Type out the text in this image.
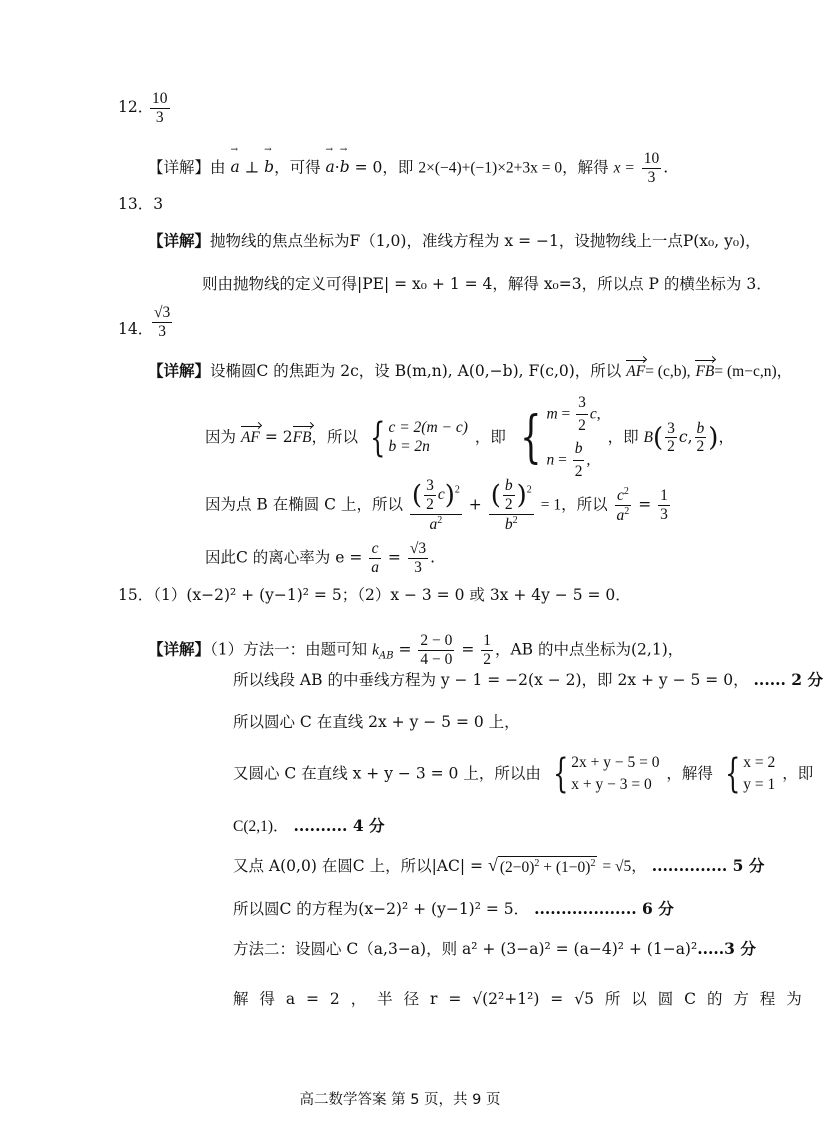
12．
$\frac{10}{3}$
【详解】由 → a ⊥ → b，可得 → a·→ b = 0，即 2×(−4)+(−1)×2+3x = 0，解得 $x = \frac{10}{3}$ .
13．3
【详解】抛物线的焦点坐标为F（1,0)，准线方程为 x = −1，设抛物线上一点P(x₀, y₀)，
则由抛物线的定义可得|PE| = x₀ + 1 = 4，解得 x₀=3，所以点 P 的横坐标为 3．
14．
$\frac{√3}{3}$
【详解】设椭圆C 的焦距为 2c，设 B(m,n), A(0,−b), F(c,0)，所以 AF= (c,b), FB= (m−c,n)，
因为 AF = 2FB，所以 { c = 2(m − c)
b = 2n
，即 { $m = \frac{3}{2} c$,
$n = \frac{b}{2}$ ,
，即 $B( \frac{3}{2} c$, $\frac{b}{2}$ )，
因为点 B 在椭圆 C 上，所以 $\frac{( \frac{3}{2} c)^2}{a^2} + \frac{( \frac{b}{2} )^2}{b^2} = 1$，所以 $\frac{c^2}{a^2} = \frac{1}{3}$
因此C 的离心率为 $e = \frac{c}{a} = \frac{√3}{3}$ .
15．（1）(x−2)² + (y−1)² = 5；（2）x − 3 = 0 或 3x + 4y − 5 = 0．
【详解】（1）方法一：由题可知 $k_{AB} = \frac{2 - 0}{4 - 0} = \frac{1}{2}$ ，AB 的中点坐标为(2,1)，
所以线段 AB 的中垂线方程为 y − 1 = −2(x − 2)，即 2x + y − 5 = 0， ...... 2 分
所以圆心 C 在直线 2x + y − 5 = 0 上，
又圆心 C 在直线 x + y − 3 = 0 上，所以由 { 2x + y − 5 = 0
x + y − 3 = 0
，解得 { x = 2
y = 1
，即
C(2,1)． .......... 4 分
又点 A(0,0) 在圆C 上，所以|AC| = √ $(2-0)^2 + (1-0)^2 = √5$， .............. 5 分
所以圆C 的方程为(x−2)² + (y−1)² = 5． ................... 6 分
方法二：设圆心 C（a,3−a)，则 a² + (3−a)² = (a−4)² + (1−a)².....3 分
解 得 a = 2 ， 半 径 r = √(2²+1²) = √5 所 以 圆 C 的 方 程 为
高二数学答案 第 5 页，共 9 页
